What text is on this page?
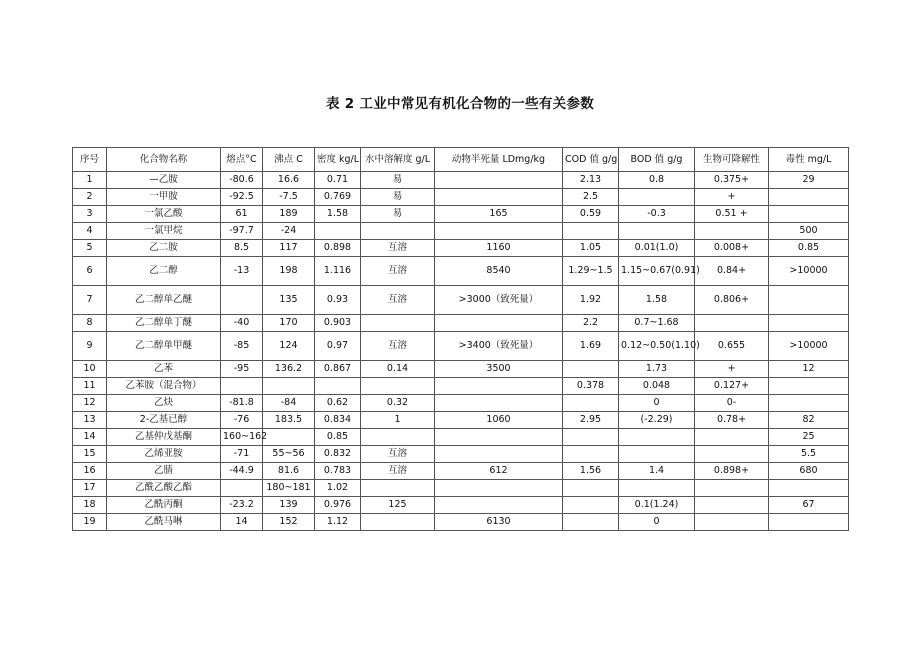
表 2 工业中常见有机化合物的一些有关参数
序号	化合物名称	熔点°C	沸点 C	密度 kg/L	水中溶解度 g/L	动物半死量 LDmg/kg	COD 值 g/g	BOD 值 g/g	生物可降解性	毒性 mg/L
1	—乙胺	-80.6	16.6	0.71	易		2.13	0.8	0.375+	29
2	一甲胺	-92.5	-7.5	0.769	易		2.5		+	
3	一氯乙酸	61	189	1.58	易	165	0.59	-0.3	0.51 +	
4	一氯甲烷	-97.7	-24							500
5	乙二胺	8.5	117	0.898	互溶	1160	1.05	0.01(1.0)	0.008+	0.85
6	乙二醇	-13	198	1.116	互溶	8540	1.29~1.5	1.15~0.67(0.91)	0.84+	>10000
7	乙二醇单乙醚		135	0.93	互溶	>3000（致死量）	1.92	1.58	0.806+	
8	乙二醇单丁醚	-40	170	0.903			2.2	0.7~1.68		
9	乙二醇单甲醚	-85	124	0.97	互溶	>3400（致死量）	1.69	0.12~0.50(1.10)	0.655	>10000
10	乙苯	-95	136.2	0.867	0.14	3500		1.73	+	12
11	乙苯胺（混合物）						0.378	0.048	0.127+	
12	乙炔	-81.8	-84	0.62	0.32			0	0-	
13	2-乙基已醇	-76	183.5	0.834	1	1060	2.95	(-2.29)	0.78+	82
14	乙基仲戊基酮	160~162		0.85						25
15	乙烯亚胺	-71	55~56	0.832	互溶					5.5
16	乙腈	-44.9	81.6	0.783	互溶	612	1.56	1.4	0.898+	680
17	乙酰乙酸乙酯		180~181	1.02						
18	乙酰丙酮	-23.2	139	0.976	125			0.1(1.24)		67
19	乙酰马啉	14	152	1.12		6130		0		
